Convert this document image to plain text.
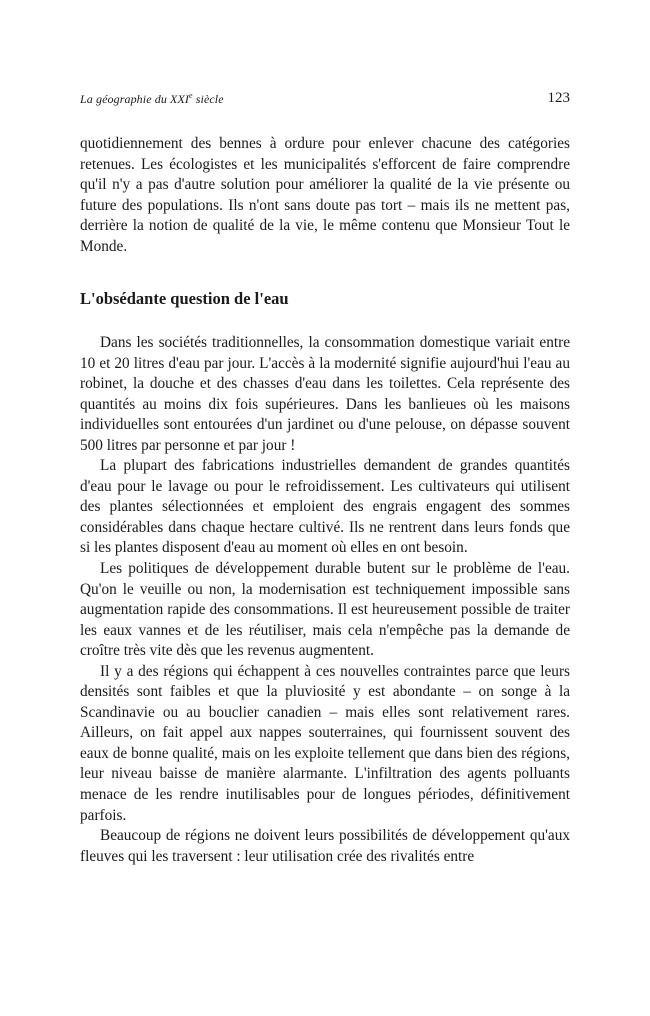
La géographie du XXIe siècle	123

quotidiennement des bennes à ordure pour enlever chacune des catégories retenues. Les écologistes et les municipalités s'efforcent de faire comprendre qu'il n'y a pas d'autre solution pour améliorer la qualité de la vie présente ou future des populations. Ils n'ont sans doute pas tort – mais ils ne mettent pas, derrière la notion de qualité de la vie, le même contenu que Monsieur Tout le Monde.

L'obsédante question de l'eau

Dans les sociétés traditionnelles, la consommation domestique variait entre 10 et 20 litres d'eau par jour. L'accès à la modernité signifie aujourd'hui l'eau au robinet, la douche et des chasses d'eau dans les toilettes. Cela représente des quantités au moins dix fois supérieures. Dans les banlieues où les maisons individuelles sont entourées d'un jardinet ou d'une pelouse, on dépasse souvent 500 litres par personne et par jour !

La plupart des fabrications industrielles demandent de grandes quantités d'eau pour le lavage ou pour le refroidissement. Les cultivateurs qui utilisent des plantes sélectionnées et emploient des engrais engagent des sommes considérables dans chaque hectare cultivé. Ils ne rentrent dans leurs fonds que si les plantes disposent d'eau au moment où elles en ont besoin.

Les politiques de développement durable butent sur le problème de l'eau. Qu'on le veuille ou non, la modernisation est techniquement impossible sans augmentation rapide des consommations. Il est heureusement possible de traiter les eaux vannes et de les réutiliser, mais cela n'empêche pas la demande de croître très vite dès que les revenus augmentent.

Il y a des régions qui échappent à ces nouvelles contraintes parce que leurs densités sont faibles et que la pluviosité y est abondante – on songe à la Scandinavie ou au bouclier canadien – mais elles sont relativement rares. Ailleurs, on fait appel aux nappes souterraines, qui fournissent souvent des eaux de bonne qualité, mais on les exploite tellement que dans bien des régions, leur niveau baisse de manière alarmante. L'infiltration des agents polluants menace de les rendre inutilisables pour de longues périodes, définitivement parfois.

Beaucoup de régions ne doivent leurs possibilités de développement qu'aux fleuves qui les traversent : leur utilisation crée des rivalités entre
